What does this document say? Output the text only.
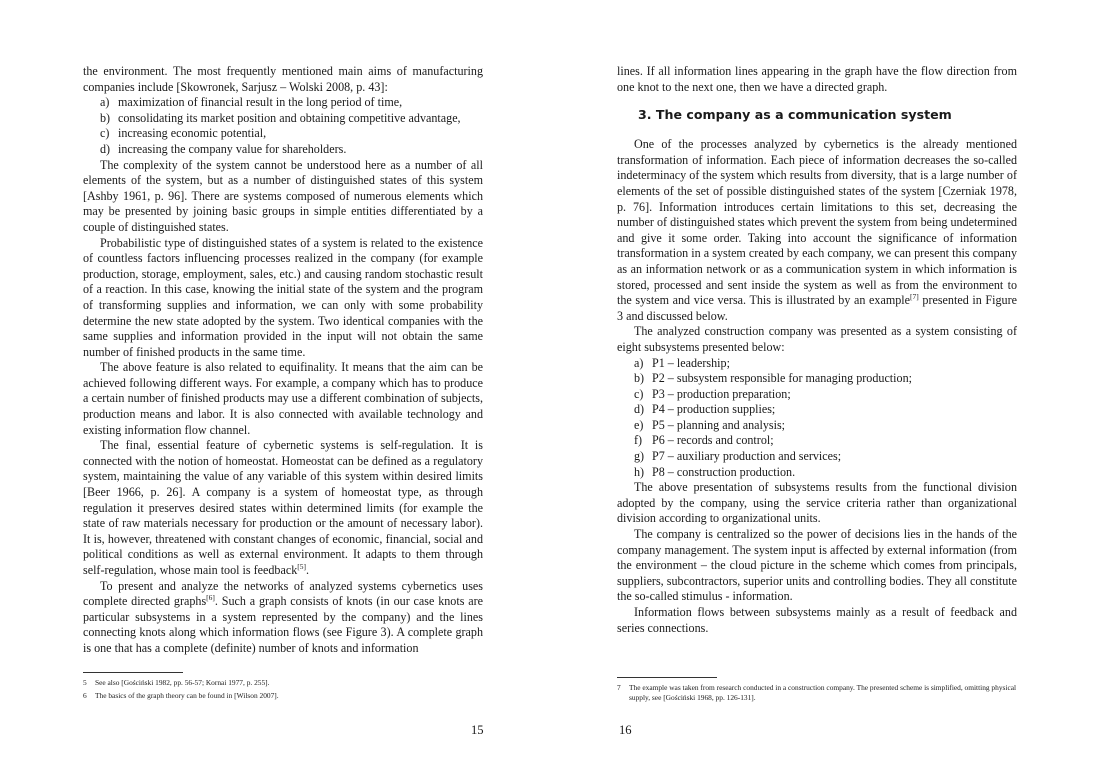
the environment. The most frequently mentioned main aims of manufacturing companies include [Skowronek, Sarjusz – Wolski 2008, p. 43]:

a) maximization of financial result in the long period of time,
b) consolidating its market position and obtaining competitive advantage,
c) increasing economic potential,
d) increasing the company value for shareholders.

The complexity of the system cannot be understood here as a number of all elements of the system, but as a number of distinguished states of this system [Ashby 1961, p. 96]. There are systems composed of numerous elements which may be presented by joining basic groups in simple entities differentiated by a couple of distinguished states.

Probabilistic type of distinguished states of a system is related to the existence of countless factors influencing processes realized in the company (for example production, storage, employment, sales, etc.) and causing random stochastic result of a reaction. In this case, knowing the initial state of the system and the program of transforming supplies and information, we can only with some probability determine the new state adopted by the system. Two identical companies with the same supplies and information provided in the input will not obtain the same number of finished products in the same time.

The above feature is also related to equifinality. It means that the aim can be achieved following different ways. For example, a company which has to produce a certain number of finished products may use a different combination of subjects, production means and labor. It is also connected with available technology and existing information flow channel.

The final, essential feature of cybernetic systems is self-regulation. It is connected with the notion of homeostat. Homeostat can be defined as a regulatory system, maintaining the value of any variable of this system within desired limits [Beer 1966, p. 26]. A company is a system of homeostat type, as through regulation it preserves desired states within determined limits (for example the state of raw materials necessary for production or the amount of necessary labor). It is, however, threatened with constant changes of economic, financial, social and political conditions as well as external environment. It adapts to them through self-regulation, whose main tool is feedback[5].

To present and analyze the networks of analyzed systems cybernetics uses complete directed graphs[6]. Such a graph consists of knots (in our case knots are particular subsystems in a system represented by the company) and the lines connecting knots along which information flows (see Figure 3). A complete graph is one that has a complete (definite) number of knots and information

5 See also [Gościński 1982, pp. 56-57; Kornai 1977, p. 255].

6 The basics of the graph theory can be found in [Wilson 2007].

15

lines. If all information lines appearing in the graph have the flow direction from one knot to the next one, then we have a directed graph.

3. The company as a communication system

One of the processes analyzed by cybernetics is the already mentioned transformation of information. Each piece of information decreases the so-called indeterminacy of the system which results from diversity, that is a large number of elements of the set of possible distinguished states of the system [Czerniak 1978, p. 76]. Information introduces certain limitations to this set, decreasing the number of distinguished states which prevent the system from being undetermined and give it some order. Taking into account the significance of information transformation in a system created by each company, we can present this company as an information network or as a communication system in which information is stored, processed and sent inside the system as well as from the environment to the system and vice versa. This is illustrated by an example[7] presented in Figure 3 and discussed below.

The analyzed construction company was presented as a system consisting of eight subsystems presented below:

a) P1 – leadership;
b) P2 – subsystem responsible for managing production;
c) P3 – production preparation;
d) P4 – production supplies;
e) P5 – planning and analysis;
f) P6 – records and control;
g) P7 – auxiliary production and services;
h) P8 – construction production.

The above presentation of subsystems results from the functional division adopted by the company, using the service criteria rather than organizational division according to organizational units.

The company is centralized so the power of decisions lies in the hands of the company management. The system input is affected by external information (from the environment – the cloud picture in the scheme which comes from principals, suppliers, subcontractors, superior units and controlling bodies. They all constitute the so-called stimulus - information.

Information flows between subsystems mainly as a result of feedback and series connections.

7 The example was taken from research conducted in a construction company. The presented scheme is simplified, omitting physical supply, see [Gościński 1968, pp. 126-131].

16
